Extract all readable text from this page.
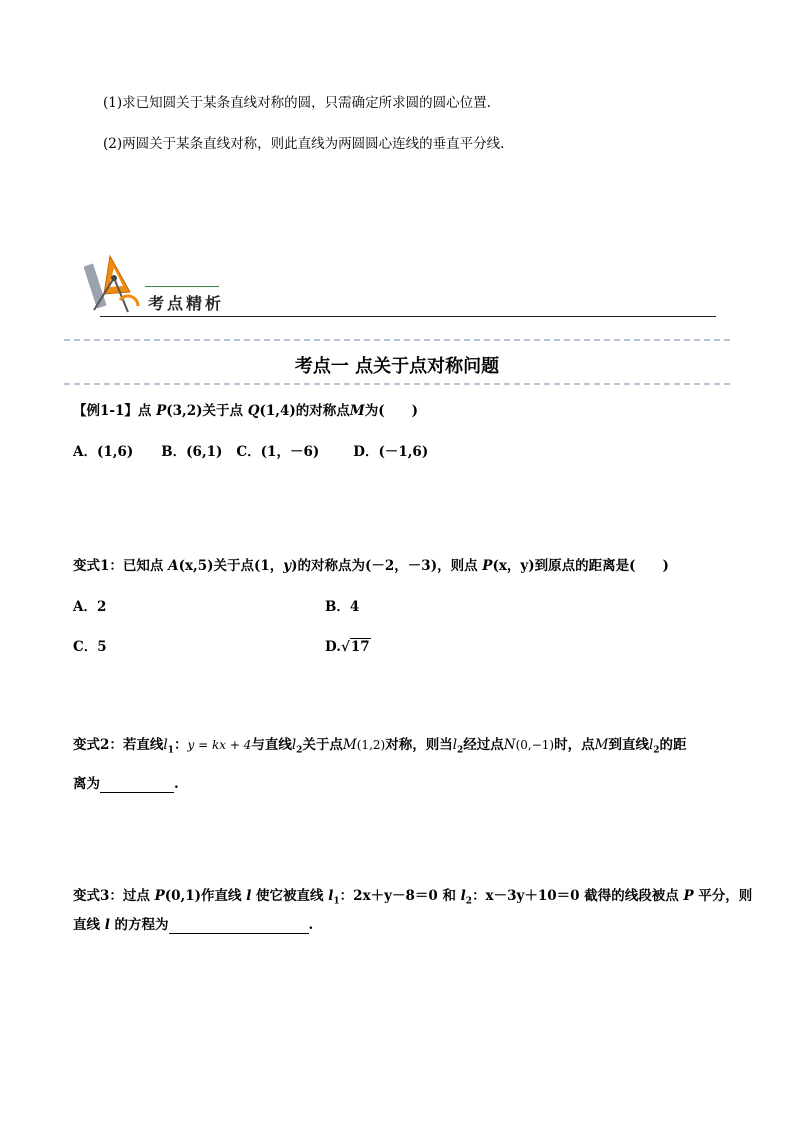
(1)求已知圆关于某条直线对称的圆，只需确定所求圆的圆心位置.
(2)两圆关于某条直线对称，则此直线为两圆圆心连线的垂直平分线.
考点精析
考点一 点关于点对称问题
【例1-1】点 P(3,2)关于点 Q(1,4)的对称点M为(　　)
A．(1,6) B．(6,1) C．(1，－6)	D．(－1,6)
变式1：已知点 A(x,5)关于点(1，y)的对称点为(－2，－3)，则点 P(x，y)到原点的距离是(　　)
A．2	B．4
C．5	D.√17
变式2：若直线$l_1$：y = kx + 4与直线$l_2$关于点M(1,2)对称，则当$l_2$经过点N(0,−1)时，点M到直线$l_2$的距
离为	.
变式3：过点 P(0,1)作直线 l 使它被直线 $l_1$：2x＋y－8＝0 和 $l_2$：x－3y＋10＝0 截得的线段被点 P 平分，则
直线 l 的方程为	.
